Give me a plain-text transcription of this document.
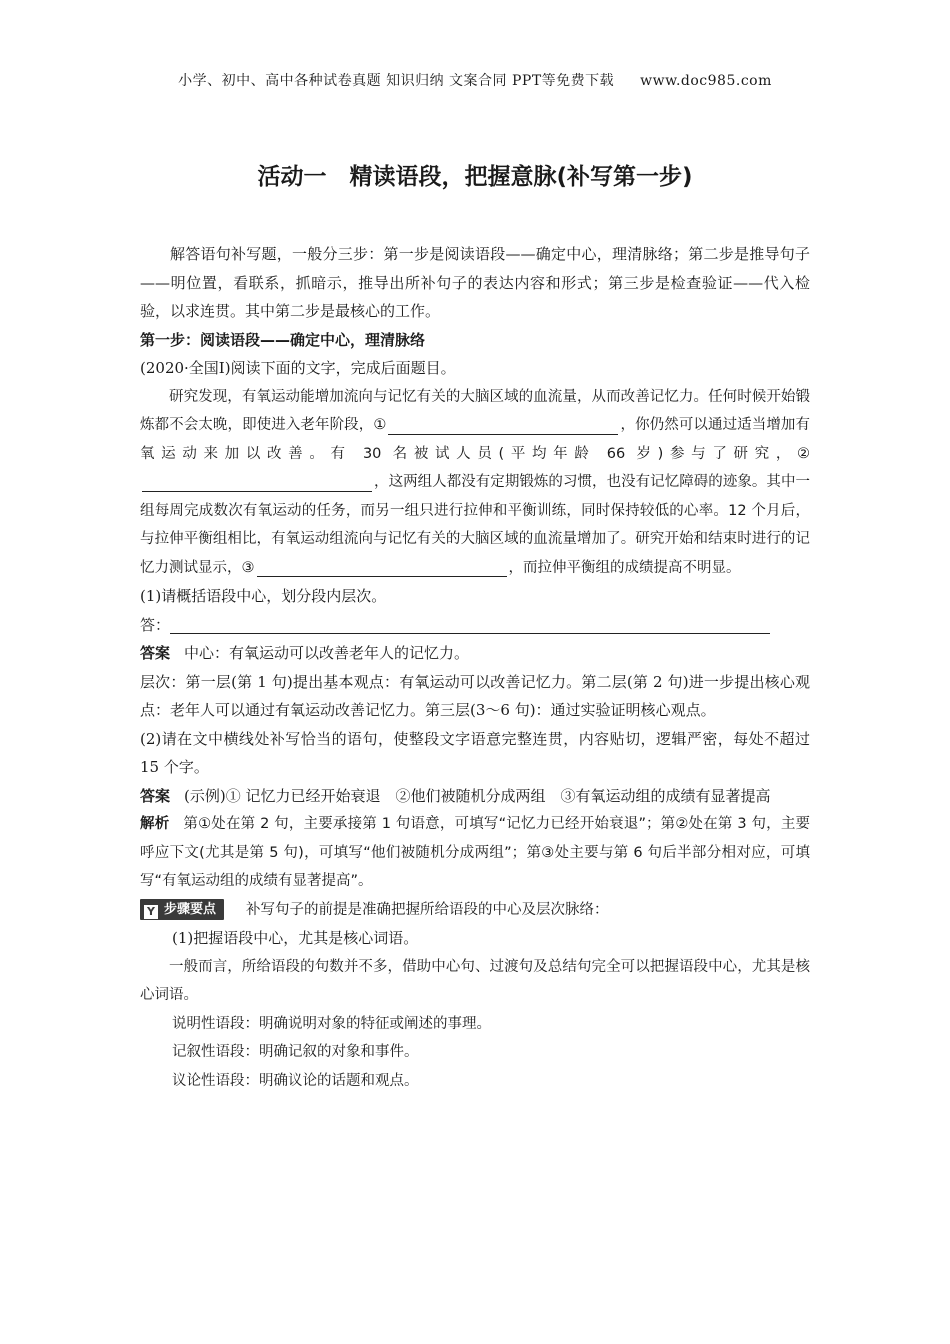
小学、初中、高中各种试卷真题 知识归纳 文案合同 PPT等免费下载 www.doc985.com
活动一　精读语段，把握意脉(补写第一步)

解答语句补写题，一般分三步：第一步是阅读语段——确定中心，理清脉络；第二步是推导句子——明位置，看联系，抓暗示，推导出所补句子的表达内容和形式；第三步是检查验证——代入检验，以求连贯。其中第二步是最核心的工作。

第一步：阅读语段——确定中心，理清脉络

(2020·全国Ⅰ)阅读下面的文字，完成后面题目。

研究发现，有氧运动能增加流向与记忆有关的大脑区域的血流量，从而改善记忆力。任何时候开始锻炼都不会太晚，即使进入老年阶段，①	，你仍然可以通过适当增加有氧运动来加以改善。有 30 名被试人员(平均年龄 66 岁)参与了研究，②，这两组人都没有定期锻炼的习惯，也没有记忆障碍的迹象。其中一组每周完成数次有氧运动的任务，而另一组只进行拉伸和平衡训练，同时保持较低的心率。12 个月后，与拉伸平衡组相比，有氧运动组流向与记忆有关的大脑区域的血流量增加了。研究开始和结束时进行的记忆力测试显示，③	，而拉伸平衡组的成绩提高不明显。

(1)请概括语段中心，划分段内层次。

答：

答案 中心：有氧运动可以改善老年人的记忆力。

层次：第一层(第 1 句)提出基本观点：有氧运动可以改善记忆力。第二层(第 2 句)进一步提出核心观点：老年人可以通过有氧运动改善记忆力。第三层(3～6 句)：通过实验证明核心观点。

(2)请在文中横线处补写恰当的语句，使整段文字语意完整连贯，内容贴切，逻辑严密，每处不超过 15 个字。

答案 (示例)① 记忆力已经开始衰退　②他们被随机分成两组　③有氧运动组的成绩有显著提高

解析 第①处在第 2 句，主要承接第 1 句语意，可填写“记忆力已经开始衰退”；第②处在第 3 句，主要呼应下文(尤其是第 5 句)，可填写“他们被随机分成两组”；第③处主要与第 6 句后半部分相对应，可填写“有氧运动组的成绩有显著提高”。

Y 步骤要点 补写句子的前提是准确把握所给语段的中心及层次脉络：

(1)把握语段中心，尤其是核心词语。

一般而言，所给语段的句数并不多，借助中心句、过渡句及总结句完全可以把握语段中心，尤其是核心词语。

说明性语段：明确说明对象的特征或阐述的事理。

记叙性语段：明确记叙的对象和事件。

议论性语段：明确议论的话题和观点。
